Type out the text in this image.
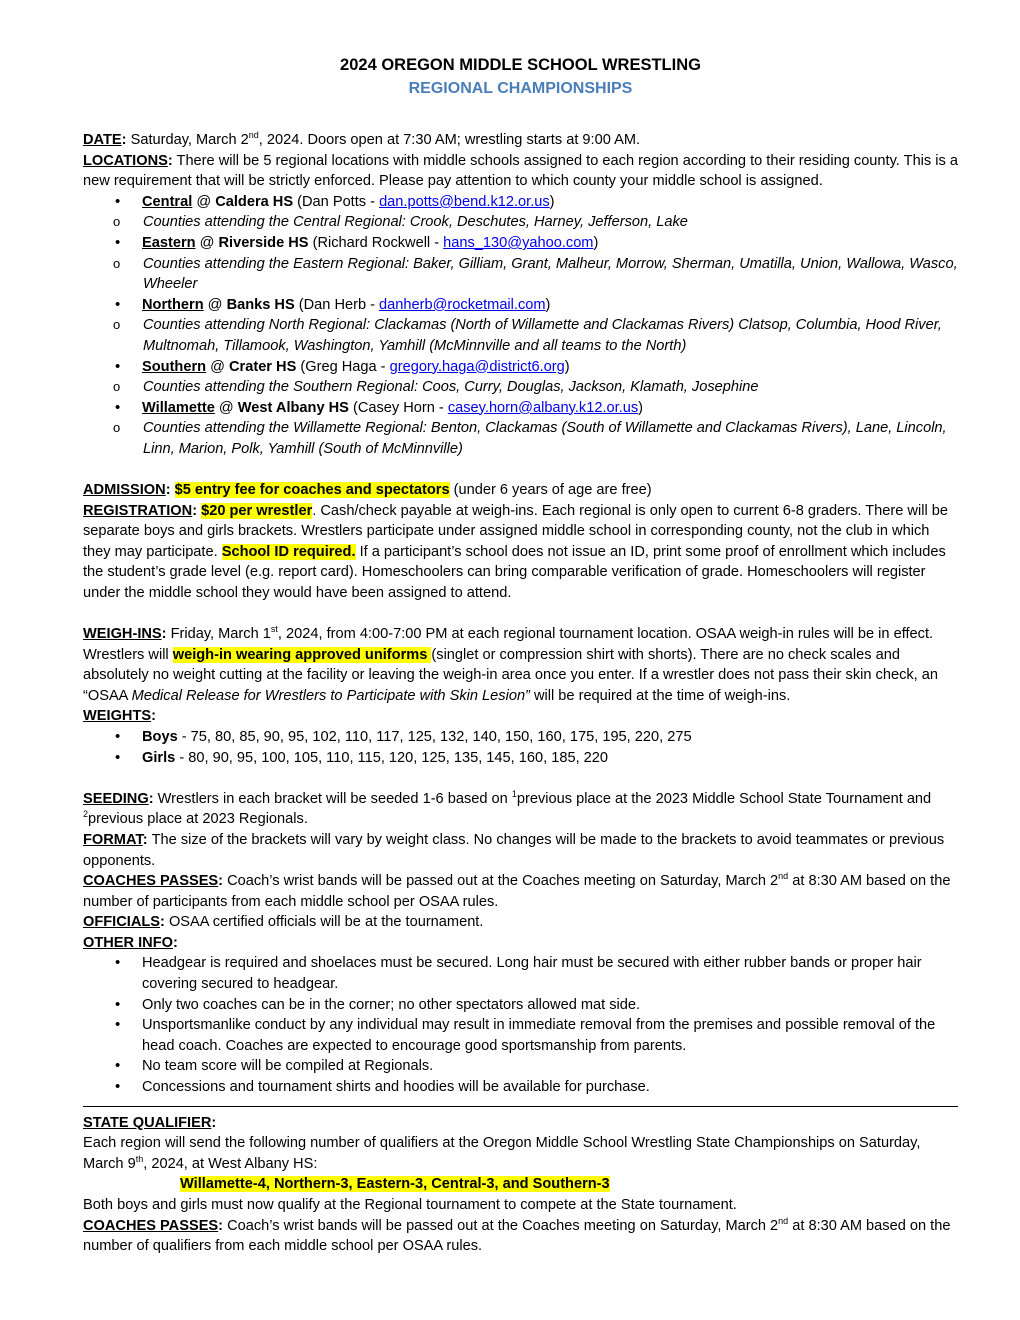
2024 OREGON MIDDLE SCHOOL WRESTLING
REGIONAL CHAMPIONSHIPS

DATE: Saturday, March 2nd, 2024. Doors open at 7:30 AM; wrestling starts at 9:00 AM.

LOCATIONS: There will be 5 regional locations with middle schools assigned to each region according to their residing county. This is a new requirement that will be strictly enforced. Please pay attention to which county your middle school is assigned.

• Central @ Caldera HS (Dan Potts - dan.potts@bend.k12.or.us)
o Counties attending the Central Regional: Crook, Deschutes, Harney, Jefferson, Lake
• Eastern @ Riverside HS (Richard Rockwell - hans_130@yahoo.com)
o Counties attending the Eastern Regional: Baker, Gilliam, Grant, Malheur, Morrow, Sherman, Umatilla, Union, Wallowa, Wasco, Wheeler
• Northern @ Banks HS (Dan Herb - danherb@rocketmail.com)
o Counties attending North Regional: Clackamas (North of Willamette and Clackamas Rivers) Clatsop, Columbia, Hood River, Multnomah, Tillamook, Washington, Yamhill (McMinnville and all teams to the North)
• Southern @ Crater HS (Greg Haga - gregory.haga@district6.org)
o Counties attending the Southern Regional: Coos, Curry, Douglas, Jackson, Klamath, Josephine
• Willamette @ West Albany HS (Casey Horn - casey.horn@albany.k12.or.us)
o Counties attending the Willamette Regional: Benton, Clackamas (South of Willamette and Clackamas Rivers), Lane, Lincoln, Linn, Marion, Polk, Yamhill (South of McMinnville)

ADMISSION: $5 entry fee for coaches and spectators (under 6 years of age are free)

REGISTRATION: $20 per wrestler. Cash/check payable at weigh-ins. Each regional is only open to current 6-8 graders. There will be separate boys and girls brackets. Wrestlers participate under assigned middle school in corresponding county, not the club in which they may participate. School ID required. If a participant’s school does not issue an ID, print some proof of enrollment which includes the student’s grade level (e.g. report card). Homeschoolers can bring comparable verification of grade. Homeschoolers will register under the middle school they would have been assigned to attend.

WEIGH-INS: Friday, March 1st, 2024, from 4:00-7:00 PM at each regional tournament location. OSAA weigh-in rules will be in effect. Wrestlers will weigh-in wearing approved uniforms (singlet or compression shirt with shorts). There are no check scales and absolutely no weight cutting at the facility or leaving the weigh-in area once you enter. If a wrestler does not pass their skin check, an “OSAA Medical Release for Wrestlers to Participate with Skin Lesion” will be required at the time of weigh-ins.

WEIGHTS:

• Boys - 75, 80, 85, 90, 95, 102, 110, 117, 125, 132, 140, 150, 160, 175, 195, 220, 275
• Girls - 80, 90, 95, 100, 105, 110, 115, 120, 125, 135, 145, 160, 185, 220

SEEDING: Wrestlers in each bracket will be seeded 1-6 based on $^1$previous place at the 2023 Middle School State Tournament and $^2$previous place at 2023 Regionals.

FORMAT: The size of the brackets will vary by weight class. No changes will be made to the brackets to avoid teammates or previous opponents.

COACHES PASSES: Coach’s wrist bands will be passed out at the Coaches meeting on Saturday, March 2nd at 8:30 AM based on the number of participants from each middle school per OSAA rules.

OFFICIALS: OSAA certified officials will be at the tournament.

OTHER INFO:

• Headgear is required and shoelaces must be secured. Long hair must be secured with either rubber bands or proper hair covering secured to headgear.
• Only two coaches can be in the corner; no other spectators allowed mat side.
• Unsportsmanlike conduct by any individual may result in immediate removal from the premises and possible removal of the head coach. Coaches are expected to encourage good sportsmanship from parents.
• No team score will be compiled at Regionals.
• Concessions and tournament shirts and hoodies will be available for purchase.

STATE QUALIFIER:

Each region will send the following number of qualifiers at the Oregon Middle School Wrestling State Championships on Saturday, March 9th, 2024, at West Albany HS:

Willamette-4, Northern-3, Eastern-3, Central-3, and Southern-3

Both boys and girls must now qualify at the Regional tournament to compete at the State tournament.

COACHES PASSES: Coach’s wrist bands will be passed out at the Coaches meeting on Saturday, March 2nd at 8:30 AM based on the number of qualifiers from each middle school per OSAA rules.
